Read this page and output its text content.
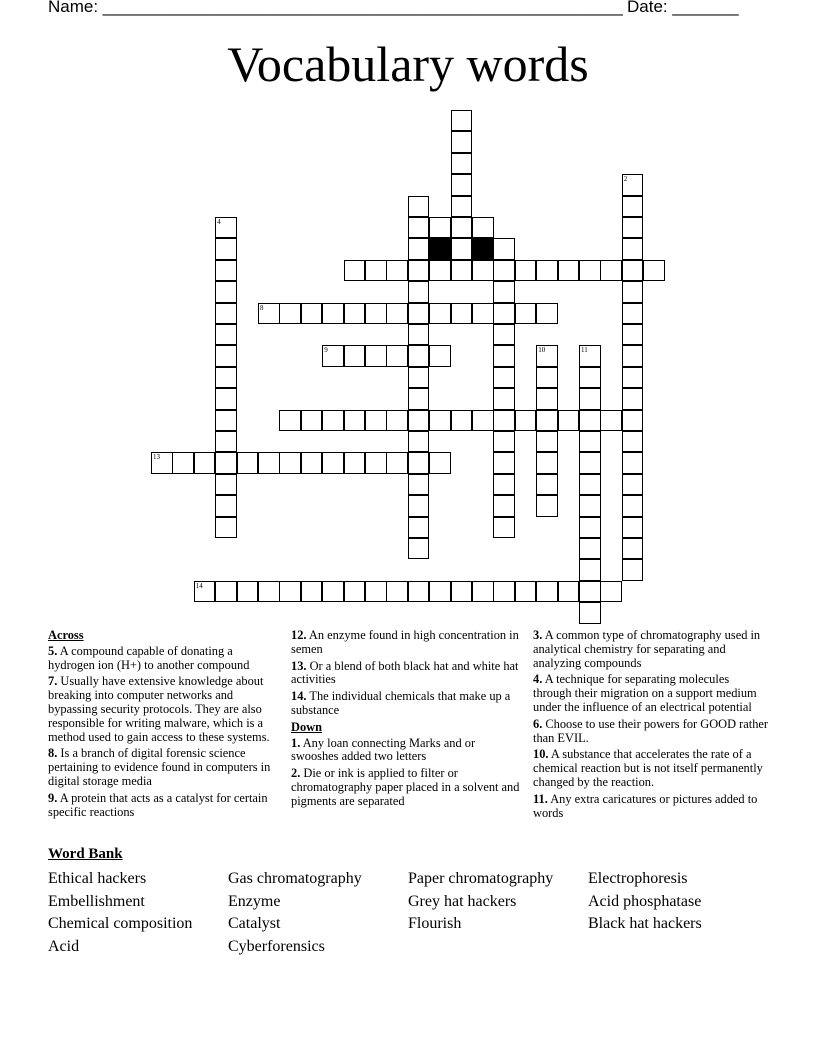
Name: _______________________________________________________ Date: _______
Vocabulary words
8
9
13
14
2
4
10	11
Across
5. A compound capable of donating a hydrogen ion (H+) to another compound
7. Usually have extensive knowledge about breaking into computer networks and bypassing security protocols. They are also responsible for writing malware, which is a method used to gain access to these systems.
8. Is a branch of digital forensic science pertaining to evidence found in computers in digital storage media
9. A protein that acts as a catalyst for certain specific reactions
12. An enzyme found in high concentration in semen
13. Or a blend of both black hat and white hat activities
14. The individual chemicals that make up a substance
Down
1. Any loan connecting Marks and or swooshes added two letters
2. Die or ink is applied to filter or chromatography paper placed in a solvent and pigments are separated
3. A common type of chromatography used in analytical chemistry for separating and analyzing compounds
4. A technique for separating molecules through their migration on a support medium under the influence of an electrical potential
6. Choose to use their powers for GOOD rather than EVIL.
10. A substance that accelerates the rate of a chemical reaction but is not itself permanently changed by the reaction.
11. Any extra caricatures or pictures added to words
Word Bank
Ethical hackers
Embellishment
Chemical composition
Acid
Gas chromatography
Enzyme
Catalyst
Cyberforensics
Paper chromatography
Grey hat hackers
Flourish
Electrophoresis
Acid phosphatase
Black hat hackers
